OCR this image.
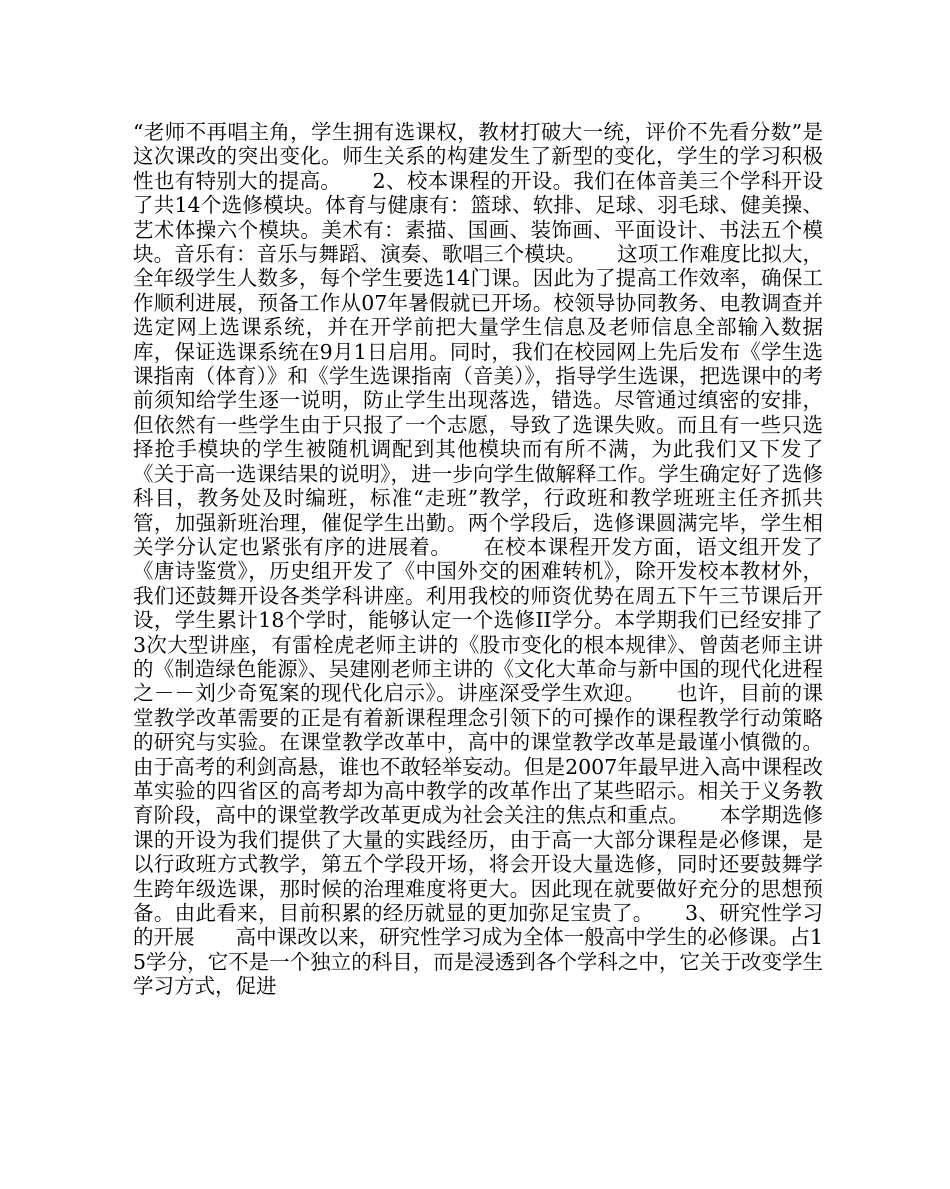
“老师不再唱主角，学生拥有选课权，教材打破大一统，评价不先看分数”是这次课改的突出变化。师生关系的构建发生了新型的变化，学生的学习积极性也有特别大的提高。　　2、校本课程的开设。我们在体音美三个学科开设了共14个选修模块。体育与健康有：篮球、软排、足球、羽毛球、健美操、艺术体操六个模块。美术有：素描、国画、装饰画、平面设计、书法五个模块。音乐有：音乐与舞蹈、演奏、歌唱三个模块。　　这项工作难度比拟大，全年级学生人数多，每个学生要选14门课。因此为了提高工作效率，确保工作顺利进展，预备工作从07年暑假就已开场。校领导协同教务、电教调查并选定网上选课系统，并在开学前把大量学生信息及老师信息全部输入数据库，保证选课系统在9月1日启用。同时，我们在校园网上先后发布《学生选课指南（体育）》和《学生选课指南（音美）》，指导学生选课，把选课中的考前须知给学生逐一说明，防止学生出现落选，错选。尽管通过缜密的安排，但依然有一些学生由于只报了一个志愿，导致了选课失败。而且有一些只选择抢手模块的学生被随机调配到其他模块而有所不满，为此我们又下发了《关于高一选课结果的说明》，进一步向学生做解释工作。学生确定好了选修科目，教务处及时编班，标准“走班”教学，行政班和教学班班主任齐抓共管，加强新班治理，催促学生出勤。两个学段后，选修课圆满完毕，学生相关学分认定也紧张有序的进展着。　　在校本课程开发方面，语文组开发了《唐诗鉴赏》，历史组开发了《中国外交的困难转机》，除开发校本教材外，我们还鼓舞开设各类学科讲座。利用我校的师资优势在周五下午三节课后开设，学生累计18个学时，能够认定一个选修II学分。本学期我们已经安排了3次大型讲座，有雷栓虎老师主讲的《股市变化的根本规律》、曾茵老师主讲的《制造绿色能源》、吴建刚老师主讲的《文化大革命与新中国的现代化进程之－－刘少奇冤案的现代化启示》。讲座深受学生欢迎。　　也许，目前的课堂教学改革需要的正是有着新课程理念引领下的可操作的课程教学行动策略的研究与实验。在课堂教学改革中，高中的课堂教学改革是最谨小慎微的。由于高考的利剑高悬，谁也不敢轻举妄动。但是2007年最早进入高中课程改革实验的四省区的高考却为高中教学的改革作出了某些昭示。相关于义务教育阶段，高中的课堂教学改革更成为社会关注的焦点和重点。　　本学期选修课的开设为我们提供了大量的实践经历，由于高一大部分课程是必修课，是以行政班方式教学，第五个学段开场，将会开设大量选修，同时还要鼓舞学生跨年级选课，那时候的治理难度将更大。因此现在就要做好充分的思想预备。由此看来，目前积累的经历就显的更加弥足宝贵了。　　3、研究性学习的开展　　高中课改以来，研究性学习成为全体一般高中学生的必修课。占15学分，它不是一个独立的科目，而是浸透到各个学科之中，它关于改变学生学习方式，促进
